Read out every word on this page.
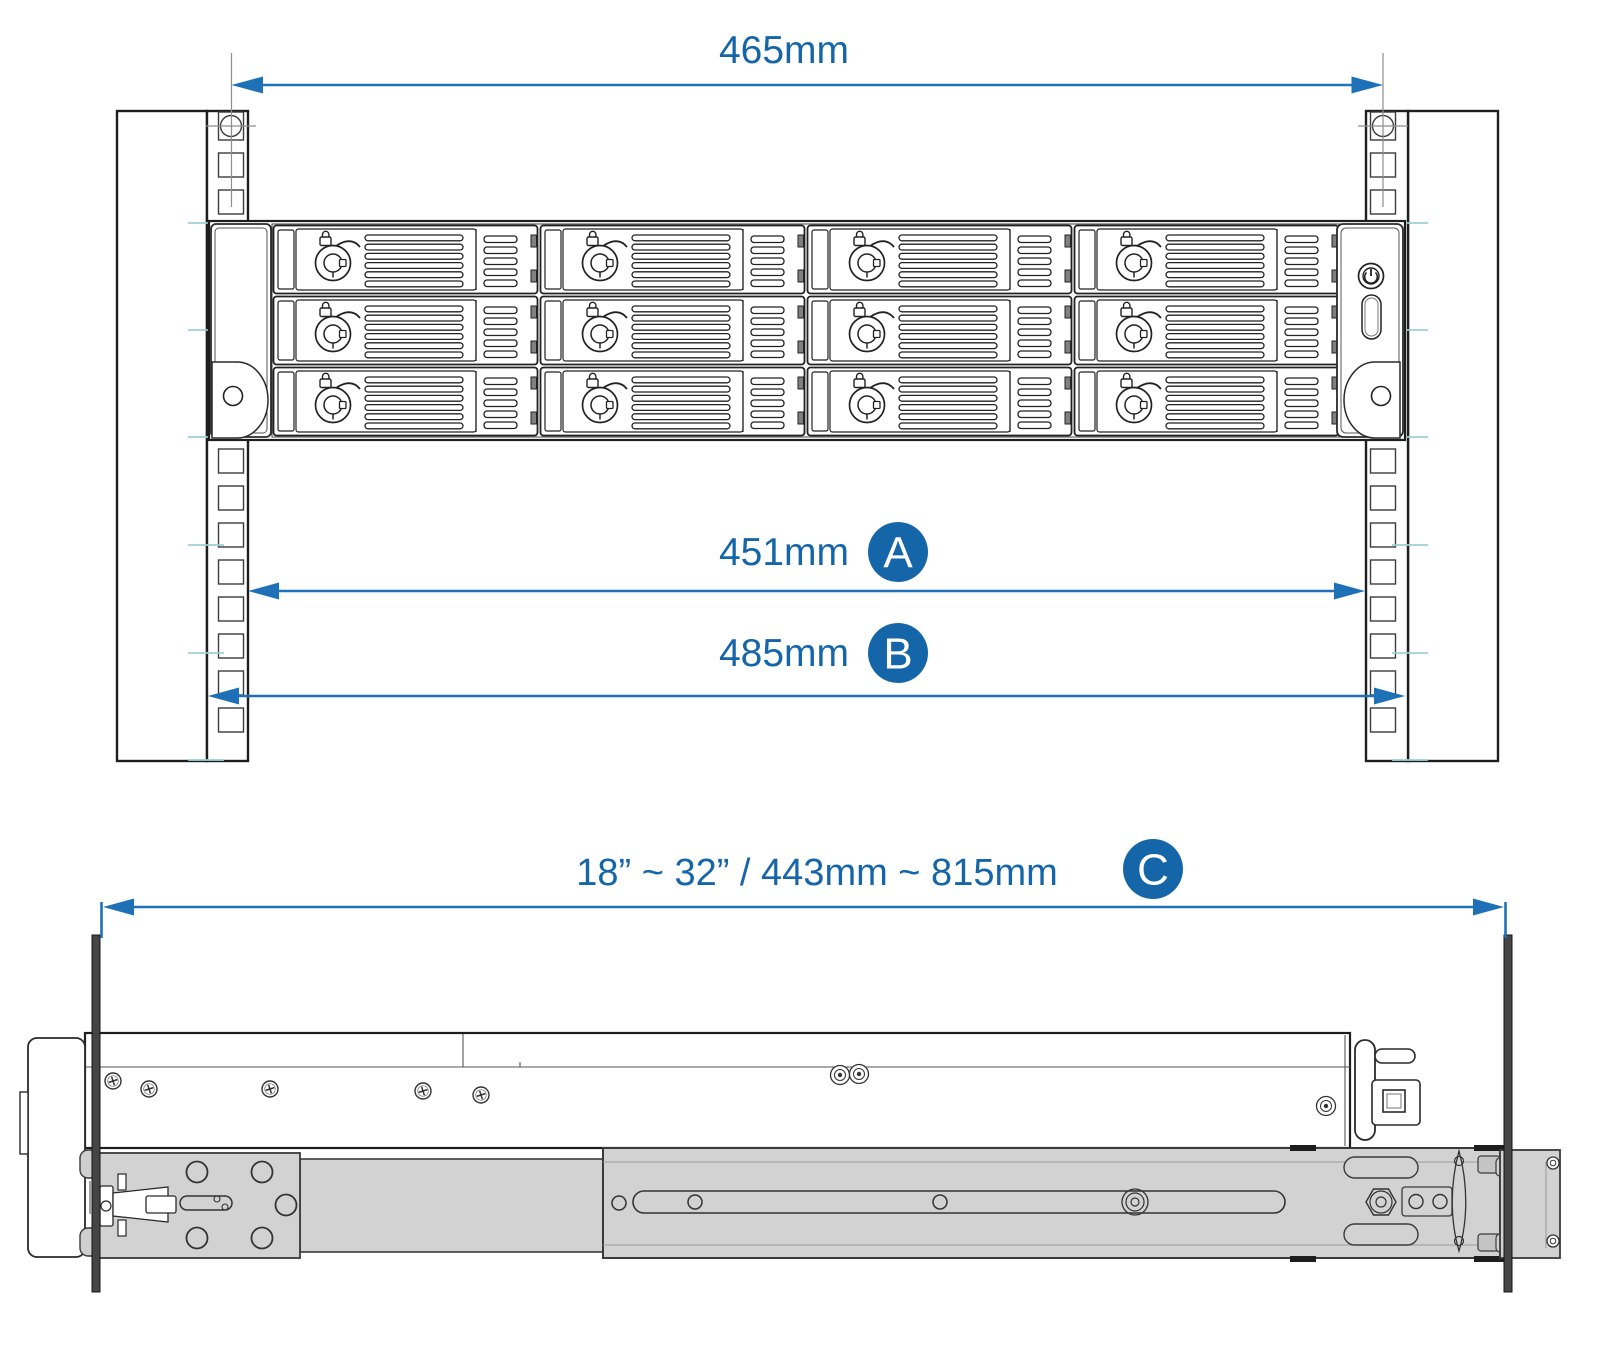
465mm
451mm A
485mm B
18” ~ 32” / 443mm ~ 815mm C
